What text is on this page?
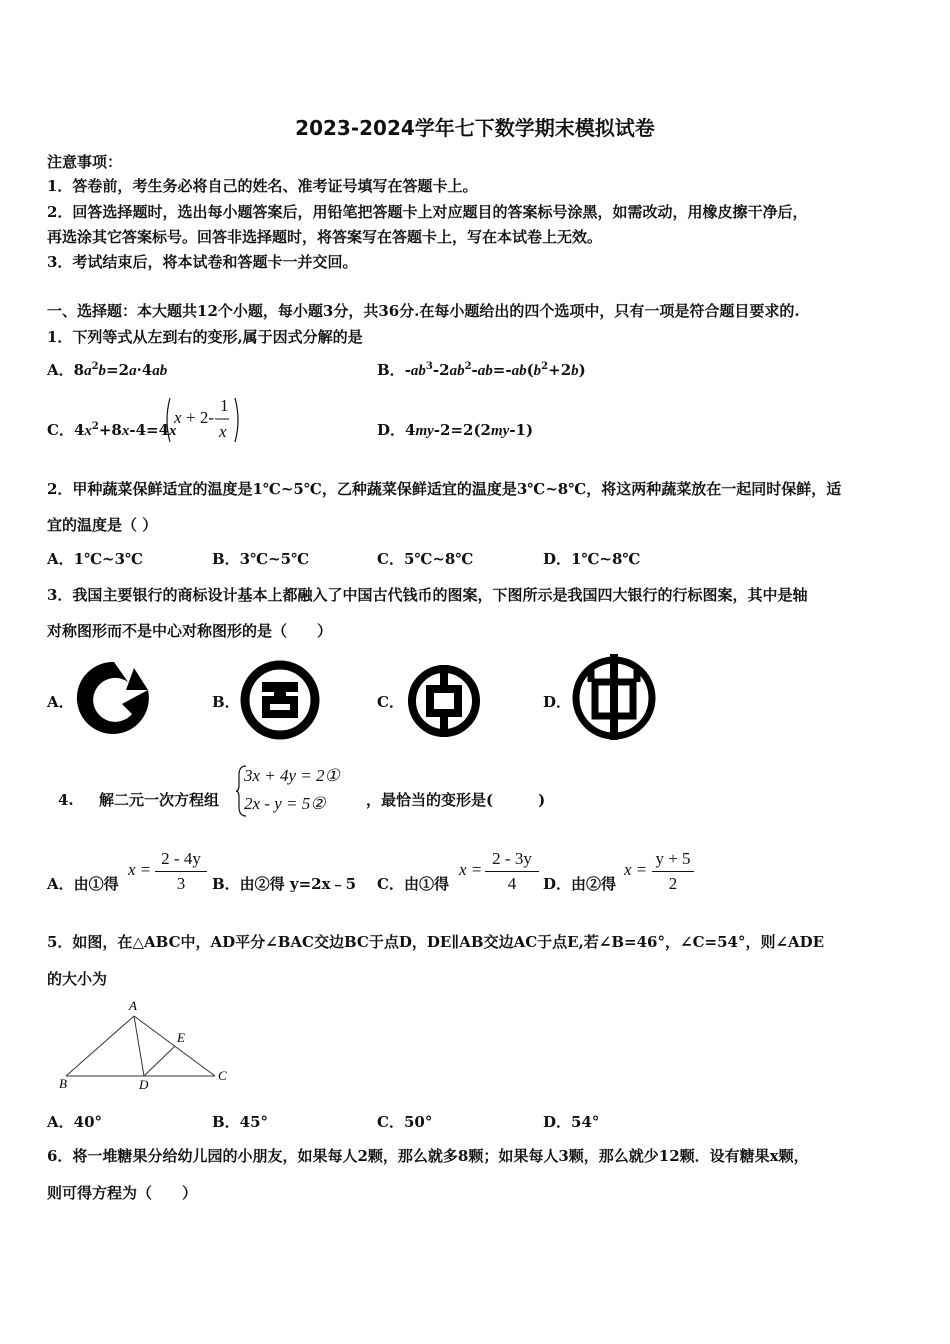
2023-2024学年七下数学期末模拟试卷
注意事项：
1．答卷前，考生务必将自己的姓名、准考证号填写在答题卡上。
2．回答选择题时，选出每小题答案后，用铅笔把答题卡上对应题目的答案标号涂黑，如需改动，用橡皮擦干净后，
再选涂其它答案标号。回答非选择题时，将答案写在答题卡上，写在本试卷上无效。
3．考试结束后，将本试卷和答题卡一并交回。
一、选择题：本大题共12个小题，每小题3分，共36分.在每小题给出的四个选项中，只有一项是符合题目要求的.
1．下列等式从左到右的变形,属于因式分解的是
A．$8a^2b=2a\cdot 4ab$	B．$-ab^3-2ab^2-ab=-ab(b^2+2b)$
C．$4x^2+8x-4=4x$
x + 2-
1
x	D．4my-2=2(2my-1)
2．甲种蔬菜保鲜适宜的温度是1℃~5℃，乙种蔬菜保鲜适宜的温度是3℃~8℃，将这两种蔬菜放在一起同时保鲜，适
宜的温度是（ ）
A．1℃~3℃	B．3℃~5℃	C．5℃~8℃	D．1℃~8℃
3．我国主要银行的商标设计基本上都融入了中国古代钱币的图案，下图所示是我国四大银行的行标图案，其中是轴
对称图形而不是中心对称图形的是（　　）
A．	B．	C．	D．
4. 解二元一次方程组
3x + 4y = 2①
2x - y = 5②	，最恰当的变形是(　　　)
A．由①得
x =
2 - 4y
3	B．由②得 y=2x﹣5 C．由①得
x =
2 - 3y
4	D．由②得
x =
y + 5
2
5．如图，在△ABC中，AD平分∠BAC交边BC于点D，DE∥AB交边AC于点E,若∠B=46°，∠C=54°，则∠ADE
的大小为
A
B
C
D
E
A．40°	B．45°	C．50°	D．54°
6．将一堆糖果分给幼儿园的小朋友，如果每人2颗，那么就多8颗；如果每人3颗，那么就少12颗．设有糖果x颗，
则可得方程为（　　）
